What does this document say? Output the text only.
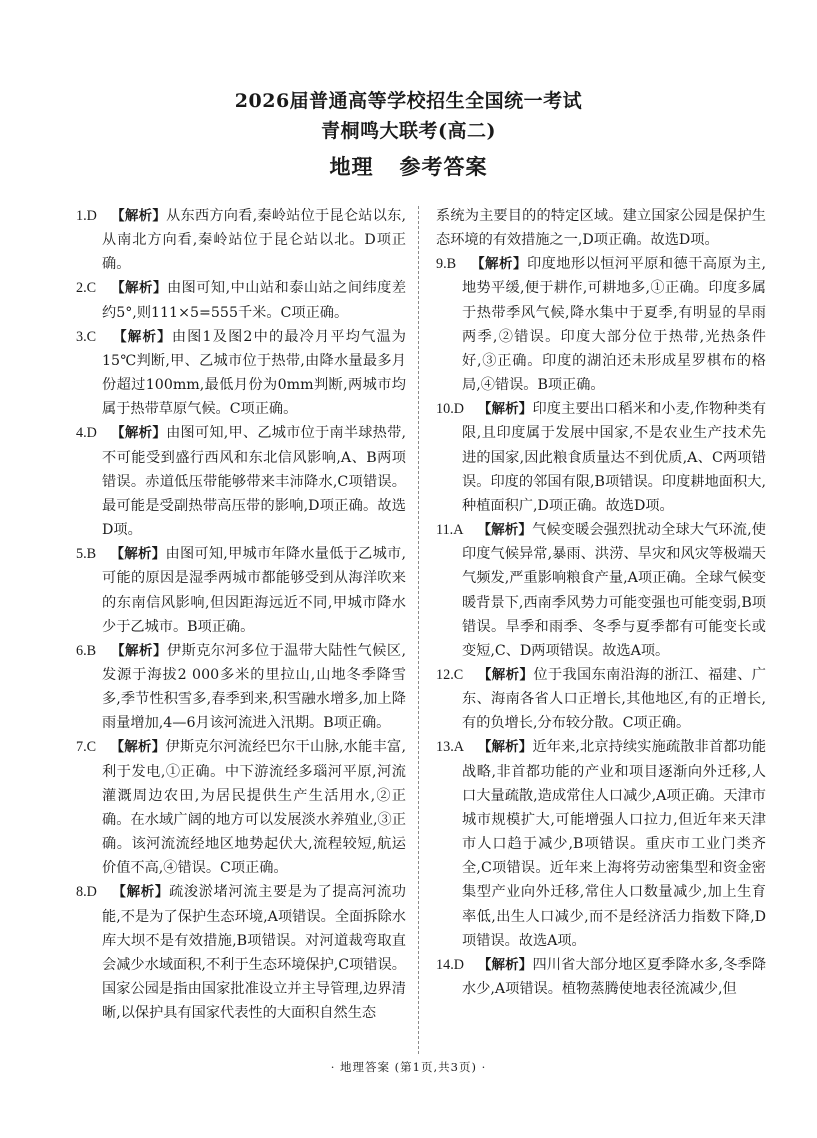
2026届普通高等学校招生全国统一考试
青桐鸣大联考(高二)
地理 参考答案

1.D 【解析】从东西方向看,秦岭站位于昆仑站以东,从南北方向看,秦岭站位于昆仑站以北。D项正确。

2.C 【解析】由图可知,中山站和泰山站之间纬度差约5°,则111×5=555千米。C项正确。

3.C 【解析】由图1及图2中的最冷月平均气温为15℃判断,甲、乙城市位于热带,由降水量最多月份超过100mm,最低月份为0mm判断,两城市均属于热带草原气候。C项正确。

4.D 【解析】由图可知,甲、乙城市位于南半球热带,不可能受到盛行西风和东北信风影响,A、B两项错误。赤道低压带能够带来丰沛降水,C项错误。最可能是受副热带高压带的影响,D项正确。故选D项。

5.B 【解析】由图可知,甲城市年降水量低于乙城市,可能的原因是湿季两城市都能够受到从海洋吹来的东南信风影响,但因距海远近不同,甲城市降水少于乙城市。B项正确。

6.B 【解析】伊斯克尔河多位于温带大陆性气候区,发源于海拔2 000多米的里拉山,山地冬季降雪多,季节性积雪多,春季到来,积雪融水增多,加上降雨量增加,4—6月该河流进入汛期。B项正确。

7.C 【解析】伊斯克尔河流经巴尔干山脉,水能丰富,利于发电,①正确。中下游流经多瑙河平原,河流灌溉周边农田,为居民提供生产生活用水,②正确。在水域广阔的地方可以发展淡水养殖业,③正确。该河流流经地区地势起伏大,流程较短,航运价值不高,④错误。C项正确。

8.D 【解析】疏浚淤堵河流主要是为了提高河流功能,不是为了保护生态环境,A项错误。全面拆除水库大坝不是有效措施,B项错误。对河道裁弯取直会减少水域面积,不利于生态环境保护,C项错误。国家公园是指由国家批准设立并主导管理,边界清晰,以保护具有国家代表性的大面积自然生态

系统为主要目的的特定区域。建立国家公园是保护生态环境的有效措施之一,D项正确。故选D项。

9.B 【解析】印度地形以恒河平原和德干高原为主,地势平缓,便于耕作,可耕地多,①正确。印度多属于热带季风气候,降水集中于夏季,有明显的旱雨两季,②错误。印度大部分位于热带,光热条件好,③正确。印度的湖泊还未形成星罗棋布的格局,④错误。B项正确。

10.D 【解析】印度主要出口稻米和小麦,作物种类有限,且印度属于发展中国家,不是农业生产技术先进的国家,因此粮食质量达不到优质,A、C两项错误。印度的邻国有限,B项错误。印度耕地面积大,种植面积广,D项正确。故选D项。

11.A 【解析】气候变暖会强烈扰动全球大气环流,使印度气候异常,暴雨、洪涝、旱灾和风灾等极端天气频发,严重影响粮食产量,A项正确。全球气候变暖背景下,西南季风势力可能变强也可能变弱,B项错误。旱季和雨季、冬季与夏季都有可能变长或变短,C、D两项错误。故选A项。

12.C 【解析】位于我国东南沿海的浙江、福建、广东、海南各省人口正增长,其他地区,有的正增长,有的负增长,分布较分散。C项正确。

13.A 【解析】近年来,北京持续实施疏散非首都功能战略,非首都功能的产业和项目逐渐向外迁移,人口大量疏散,造成常住人口减少,A项正确。天津市城市规模扩大,可能增强人口拉力,但近年来天津市人口趋于减少,B项错误。重庆市工业门类齐全,C项错误。近年来上海将劳动密集型和资金密集型产业向外迁移,常住人口数量减少,加上生育率低,出生人口减少,而不是经济活力指数下降,D项错误。故选A项。

14.D 【解析】四川省大部分地区夏季降水多,冬季降水少,A项错误。植物蒸腾使地表径流减少,但

· 地理答案 (第1页,共3页) ·
